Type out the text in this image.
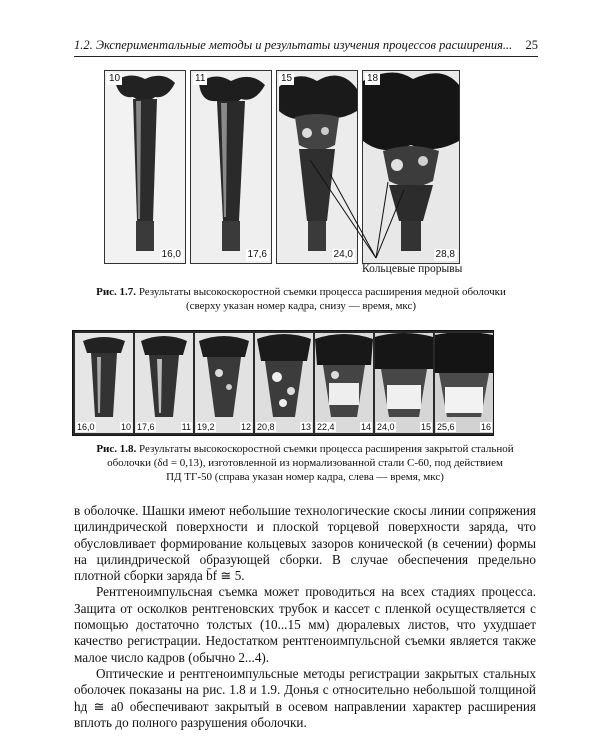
1.2. Экспериментальные методы и результаты изучения процессов расширения... 25
10
16,0
11
17,6
15
24,0
18
28,8
Кольцевые прорывы
Рис. 1.7. Результаты высокоскоростной съемки процесса расширения медной оболочки (сверху указан номер кадра, снизу — время, мкс)
16,0	10 17,6	11 19,2	12 20,8	13 22,4	14 24,0	15 25,6	16
Рис. 1.8. Результаты высокоскоростной съемки процесса расширения закрытой стальной
оболочки (δd = 0,13), изготовленной из нормализованной стали С-60, под действием
ПД ТГ-50 (справа указан номер кадра, слева — время, мкс)

в оболочке. Шашки имеют небольшие технологические скосы линии сопряжения цилиндрической поверхности и плоской торцевой поверхности заряда, что обусловливает формирование кольцевых зазоров конической (в сечении) формы на цилиндрической образующей сборки. В случае обеспечения предельно плотной сборки заряда b̄f ≅ 5.

Рентгеноимпульсная съемка может проводиться на всех стадиях процесса. Защита от осколков рентгеновских трубок и кассет с пленкой осуществляется с помощью достаточно толстых (10...15 мм) дюралевых листов, что ухудшает качество регистрации. Недостатком рентгеноимпульсной съемки является также малое число кадров (обычно 2...4).

Оптические и рентгеноимпульсные методы регистрации закрытых стальных оболочек показаны на рис. 1.8 и 1.9. Донья с относительно небольшой толщиной hд ≅ a0 обеспечивают закрытый в осевом направлении характер расширения вплоть до полного разрушения оболочки.
